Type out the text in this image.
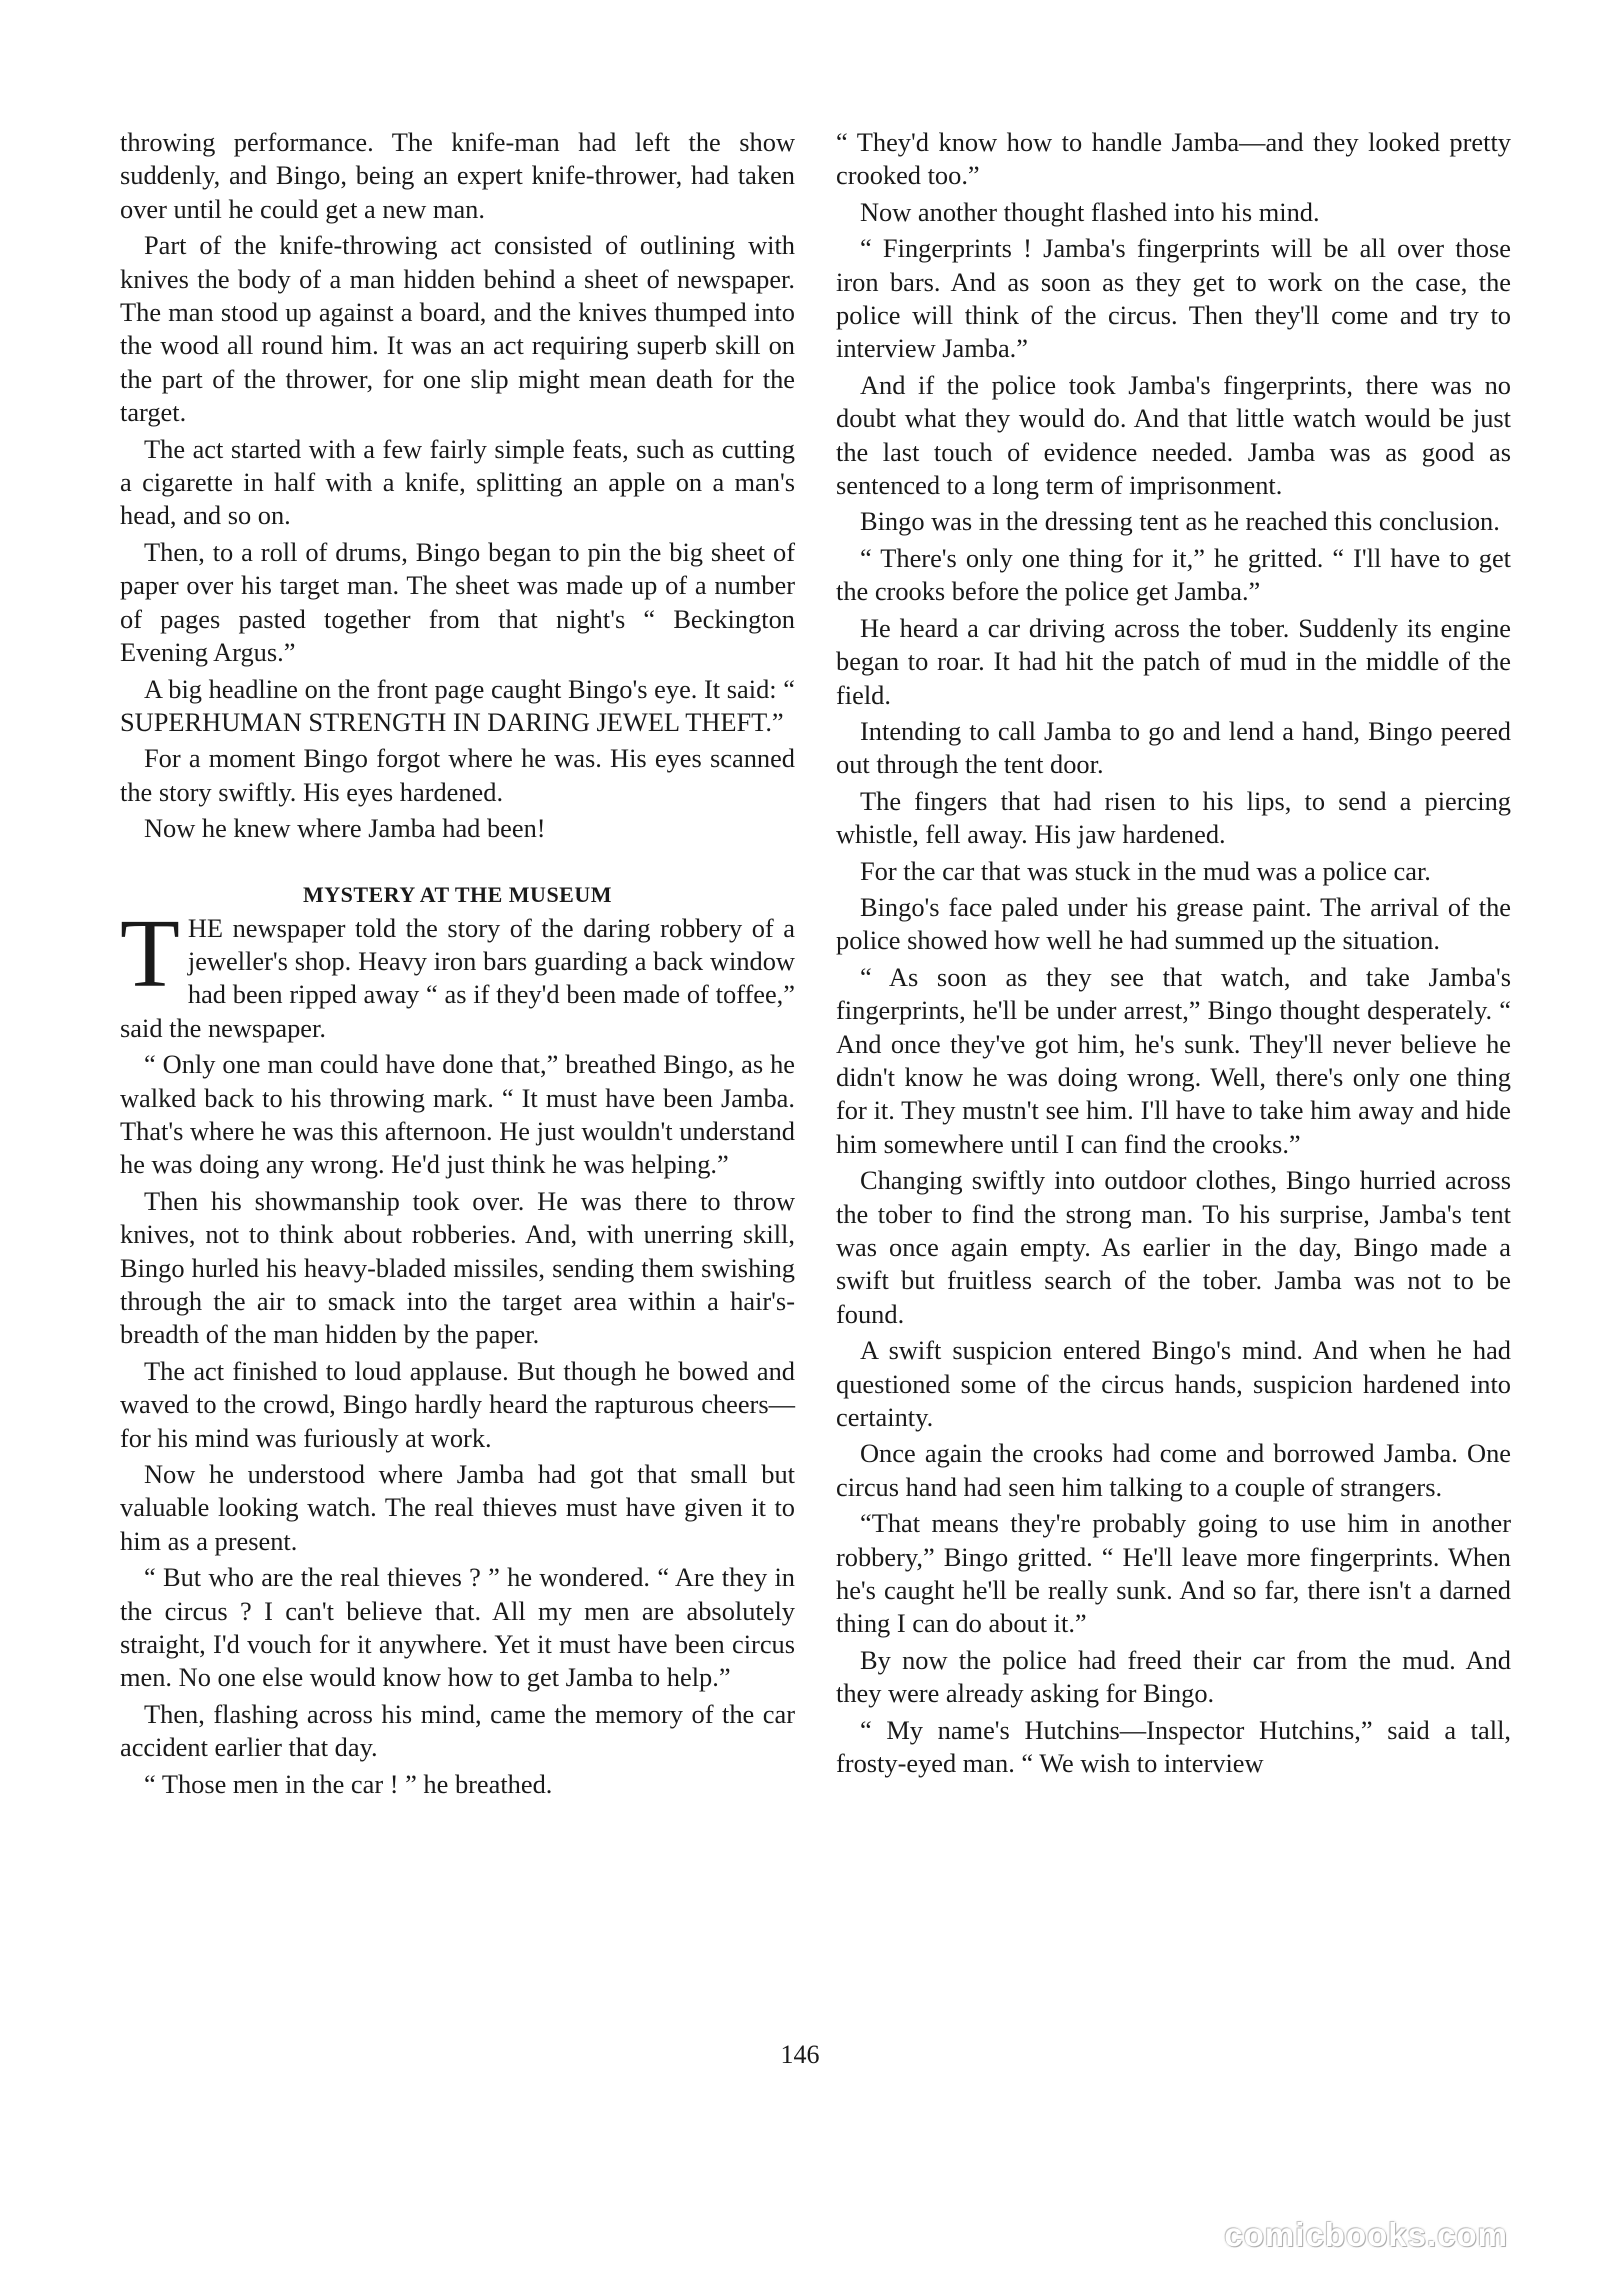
throwing performance. The knife-man had left the show suddenly, and Bingo, being an expert knife-thrower, had taken over until he could get a new man.

Part of the knife-throwing act consisted of outlining with knives the body of a man hidden behind a sheet of newspaper. The man stood up against a board, and the knives thumped into the wood all round him. It was an act requiring superb skill on the part of the thrower, for one slip might mean death for the target.

The act started with a few fairly simple feats, such as cutting a cigarette in half with a knife, splitting an apple on a man's head, and so on.

Then, to a roll of drums, Bingo began to pin the big sheet of paper over his target man. The sheet was made up of a number of pages pasted together from that night's “ Beckington Evening Argus.”

A big headline on the front page caught Bingo's eye. It said: “ SUPERHUMAN STRENGTH IN DARING JEWEL THEFT.”

For a moment Bingo forgot where he was. His eyes scanned the story swiftly. His eyes hardened.

Now he knew where Jamba had been!

MYSTERY AT THE MUSEUM

THE newspaper told the story of the daring robbery of a jeweller's shop. Heavy iron bars guarding a back window had been ripped away “ as if they'd been made of toffee,” said the newspaper.

“ Only one man could have done that,” breathed Bingo, as he walked back to his throwing mark. “ It must have been Jamba. That's where he was this afternoon. He just wouldn't understand he was doing any wrong. He'd just think he was helping.”

Then his showmanship took over. He was there to throw knives, not to think about robberies. And, with unerring skill, Bingo hurled his heavy-bladed missiles, sending them swishing through the air to smack into the target area within a hair's-breadth of the man hidden by the paper.

The act finished to loud applause. But though he bowed and waved to the crowd, Bingo hardly heard the rapturous cheers—for his mind was furiously at work.

Now he understood where Jamba had got that small but valuable looking watch. The real thieves must have given it to him as a present.

“ But who are the real thieves ? ” he wondered. “ Are they in the circus ? I can't believe that. All my men are absolutely straight, I'd vouch for it anywhere. Yet it must have been circus men. No one else would know how to get Jamba to help.”

Then, flashing across his mind, came the memory of the car accident earlier that day.

“ Those men in the car ! ” he breathed.

“ They'd know how to handle Jamba—and they looked pretty crooked too.”

Now another thought flashed into his mind.

“ Fingerprints ! Jamba's fingerprints will be all over those iron bars. And as soon as they get to work on the case, the police will think of the circus. Then they'll come and try to interview Jamba.”

And if the police took Jamba's fingerprints, there was no doubt what they would do. And that little watch would be just the last touch of evidence needed. Jamba was as good as sentenced to a long term of imprisonment.

Bingo was in the dressing tent as he reached this conclusion.

“ There's only one thing for it,” he gritted. “ I'll have to get the crooks before the police get Jamba.”

He heard a car driving across the tober. Suddenly its engine began to roar. It had hit the patch of mud in the middle of the field.

Intending to call Jamba to go and lend a hand, Bingo peered out through the tent door.

The fingers that had risen to his lips, to send a piercing whistle, fell away. His jaw hardened.

For the car that was stuck in the mud was a police car.

Bingo's face paled under his grease paint. The arrival of the police showed how well he had summed up the situation.

“ As soon as they see that watch, and take Jamba's fingerprints, he'll be under arrest,” Bingo thought desperately. “ And once they've got him, he's sunk. They'll never believe he didn't know he was doing wrong. Well, there's only one thing for it. They mustn't see him. I'll have to take him away and hide him somewhere until I can find the crooks.”

Changing swiftly into outdoor clothes, Bingo hurried across the tober to find the strong man. To his surprise, Jamba's tent was once again empty. As earlier in the day, Bingo made a swift but fruitless search of the tober. Jamba was not to be found.

A swift suspicion entered Bingo's mind. And when he had questioned some of the circus hands, suspicion hardened into certainty.

Once again the crooks had come and borrowed Jamba. One circus hand had seen him talking to a couple of strangers.

“That means they're probably going to use him in another robbery,” Bingo gritted. “ He'll leave more fingerprints. When he's caught he'll be really sunk. And so far, there isn't a darned thing I can do about it.”

By now the police had freed their car from the mud. And they were already asking for Bingo.

“ My name's Hutchins—Inspector Hutchins,” said a tall, frosty-eyed man. “ We wish to interview

146
comicbooks.com
